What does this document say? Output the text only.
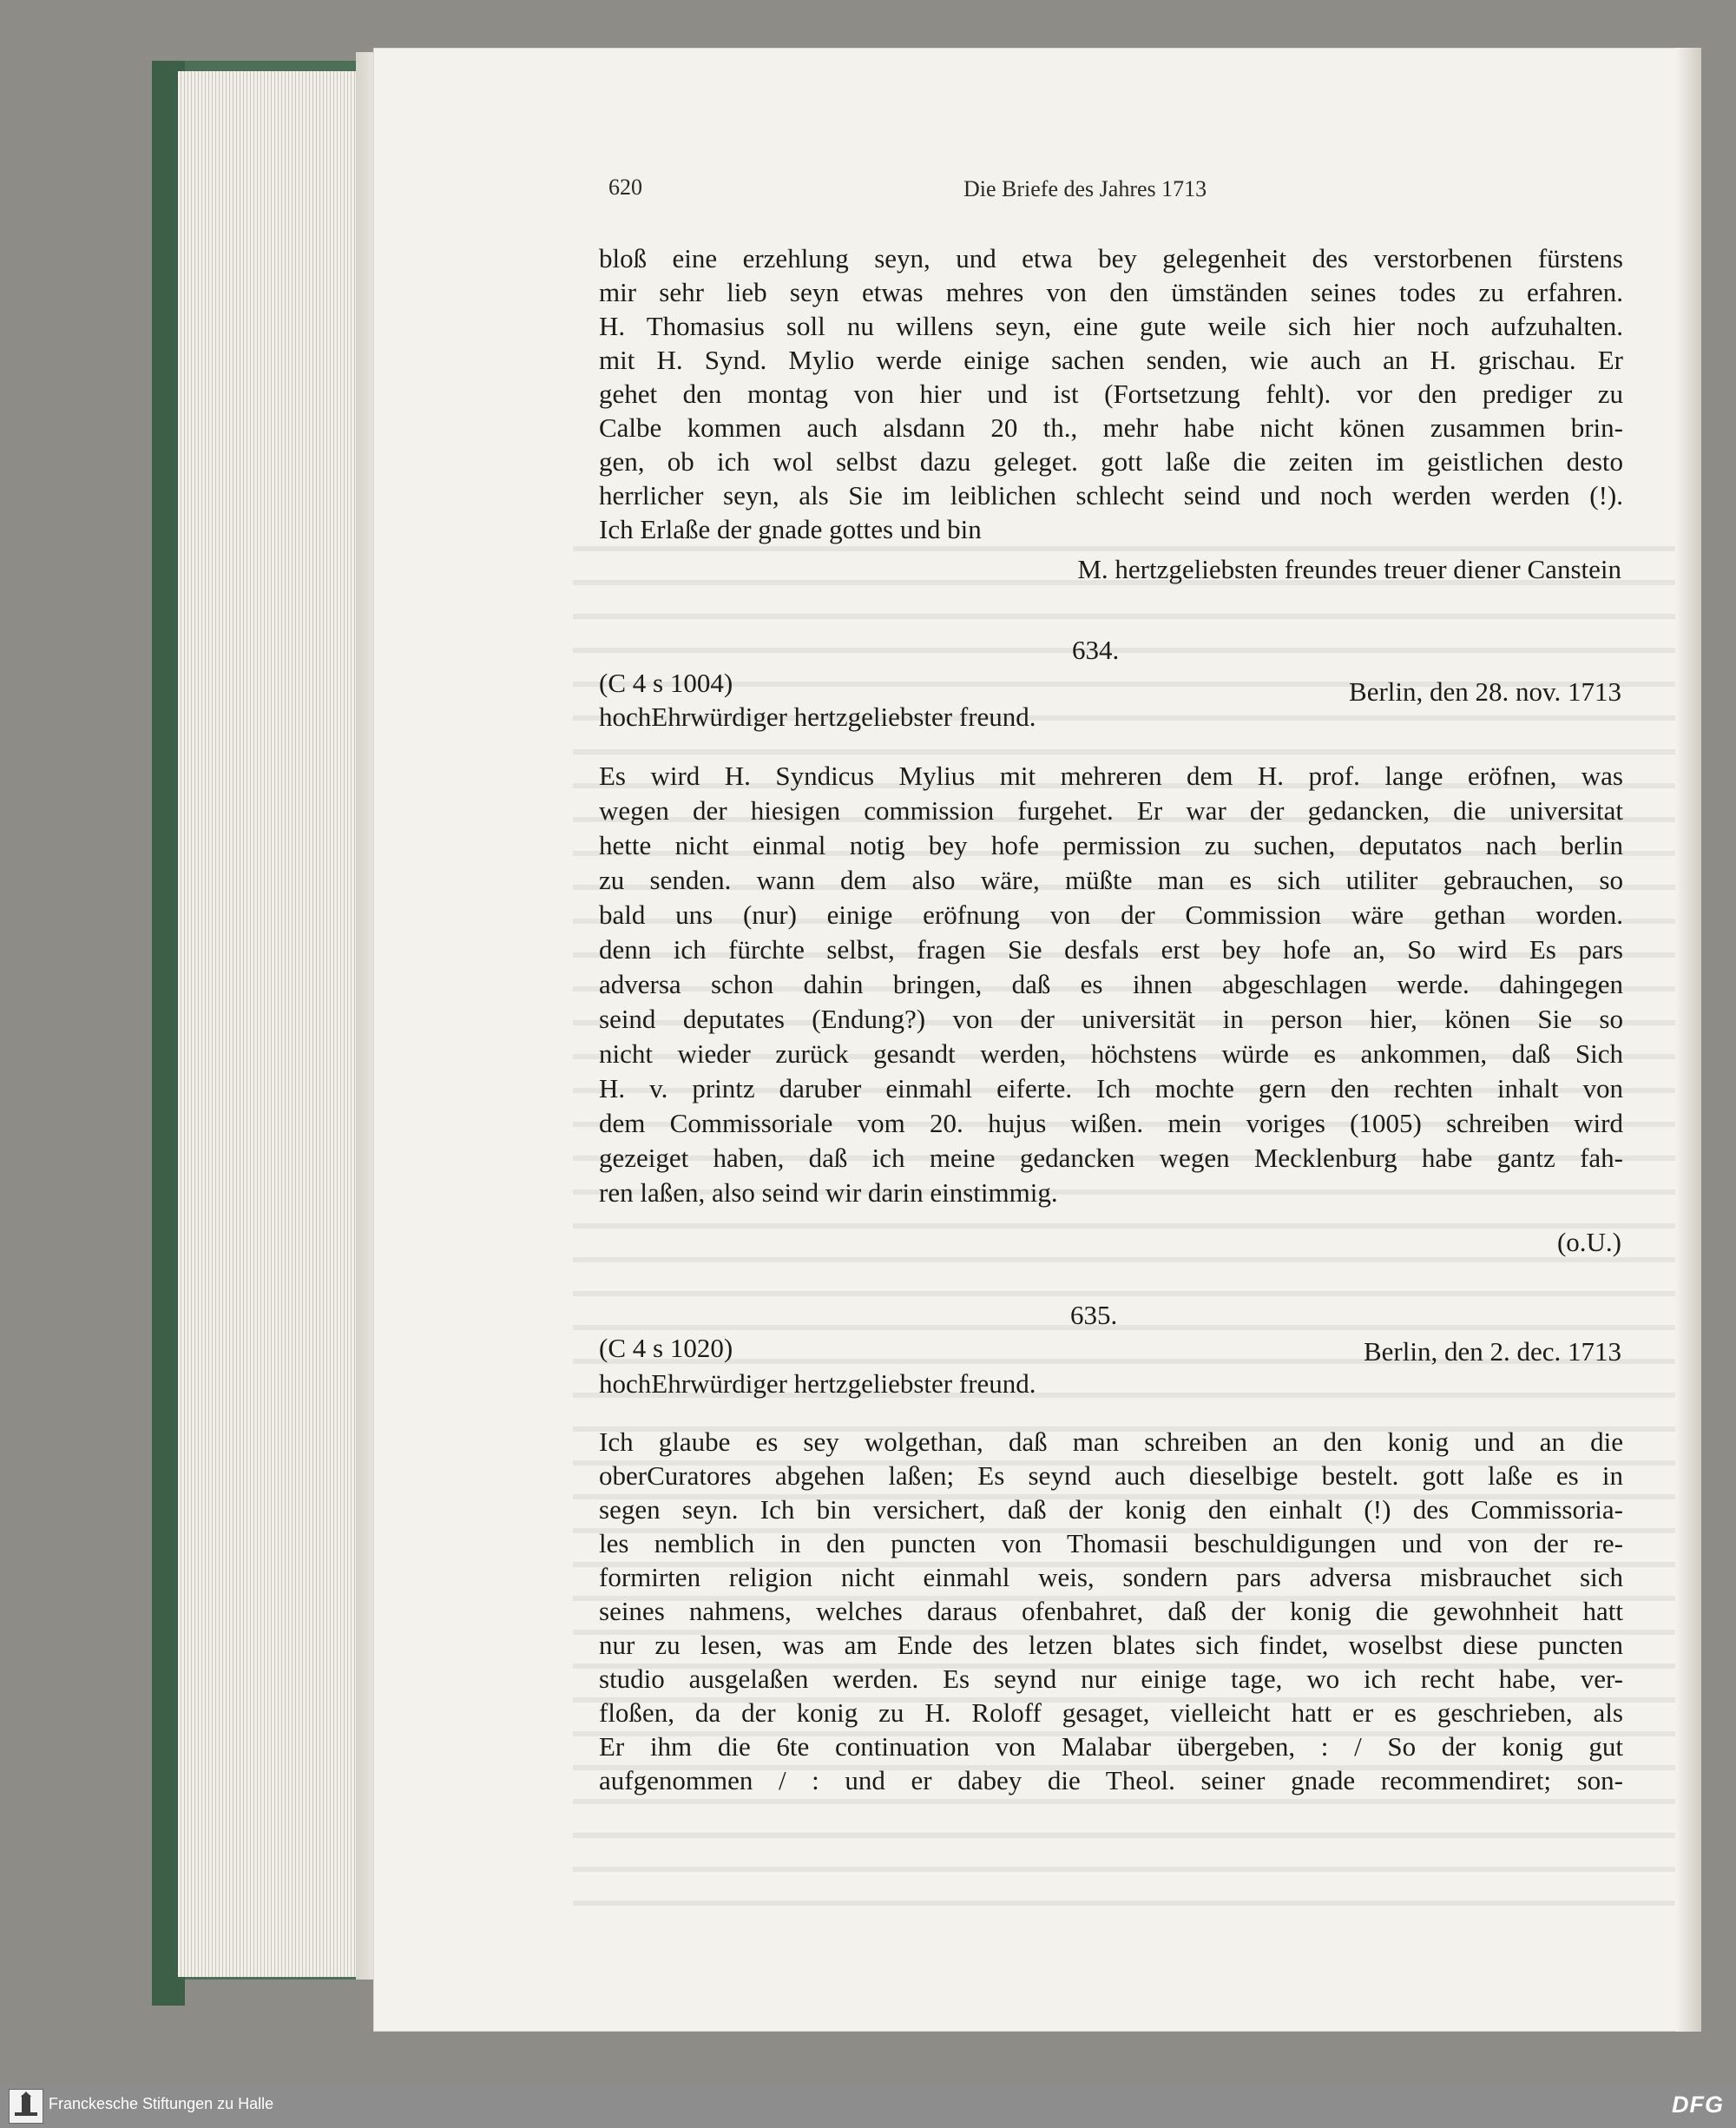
620	Die Briefe des Jahres 1713
bloß eine erzehlung seyn, und etwa bey gelegenheit des verstorbenen fürstens
mir sehr lieb seyn etwas mehres von den ümständen seines todes zu erfahren.
H. Thomasius soll nu willens seyn, eine gute weile sich hier noch aufzuhalten.
mit H. Synd. Mylio werde einige sachen senden, wie auch an H. grischau. Er
gehet den montag von hier und ist (Fortsetzung fehlt). vor den prediger zu
Calbe kommen auch alsdann 20 th., mehr habe nicht könen zusammen brin-
gen, ob ich wol selbst dazu geleget. gott laße die zeiten im geistlichen desto
herrlicher seyn, als Sie im leiblichen schlecht seind und noch werden werden (!).
Ich Erlaße der gnade gottes und bin
M. hertzgeliebsten freundes treuer diener Canstein
634.
(C 4 s 1004)	Berlin, den 28. nov. 1713
hochEhrwürdiger hertzgeliebster freund.
Es wird H. Syndicus Mylius mit mehreren dem H. prof. lange eröfnen, was
wegen der hiesigen commission furgehet. Er war der gedancken, die universitat
hette nicht einmal notig bey hofe permission zu suchen, deputatos nach berlin
zu senden. wann dem also wäre, müßte man es sich utiliter gebrauchen, so
bald uns (nur) einige eröfnung von der Commission wäre gethan worden.
denn ich fürchte selbst, fragen Sie desfals erst bey hofe an, So wird Es pars
adversa schon dahin bringen, daß es ihnen abgeschlagen werde. dahingegen
seind deputates (Endung?) von der universität in person hier, könen Sie so
nicht wieder zurück gesandt werden, höchstens würde es ankommen, daß Sich
H. v. printz daruber einmahl eiferte. Ich mochte gern den rechten inhalt von
dem Commissoriale vom 20. hujus wißen. mein voriges (1005) schreiben wird
gezeiget haben, daß ich meine gedancken wegen Mecklenburg habe gantz fah-
ren laßen, also seind wir darin einstimmig.
(o.U.)
635.
(C 4 s 1020)	Berlin, den 2. dec. 1713
hochEhrwürdiger hertzgeliebster freund.
Ich glaube es sey wolgethan, daß man schreiben an den konig und an die
oberCuratores abgehen laßen; Es seynd auch dieselbige bestelt. gott laße es in
segen seyn. Ich bin versichert, daß der konig den einhalt (!) des Commissoria-
les nemblich in den puncten von Thomasii beschuldigungen und von der re-
formirten religion nicht einmahl weis, sondern pars adversa misbrauchet sich
seines nahmens, welches daraus ofenbahret, daß der konig die gewohnheit hatt
nur zu lesen, was am Ende des letzen blates sich findet, woselbst diese puncten
studio ausgelaßen werden. Es seynd nur einige tage, wo ich recht habe, ver-
floßen, da der konig zu H. Roloff gesaget, vielleicht hatt er es geschrieben, als
Er ihm die 6te continuation von Malabar übergeben, : / So der konig gut
aufgenommen / : und er dabey die Theol. seiner gnade recommendiret; son-
Franckesche Stiftungen zu Halle	DFG
